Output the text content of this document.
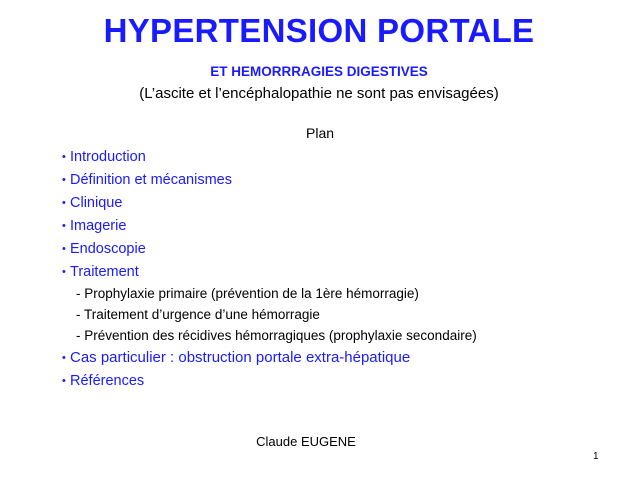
HYPERTENSION PORTALE
ET HEMORRRAGIES DIGESTIVES
(L’ascite et l’encéphalopathie ne sont pas envisagées)
Plan
• Introduction
• Définition et mécanismes
• Clinique
• Imagerie
• Endoscopie
• Traitement
- Prophylaxie primaire (prévention de la 1ère hémorragie)
- Traitement d’urgence d’une hémorragie
- Prévention des récidives hémorragiques (prophylaxie secondaire)
• Cas particulier : obstruction portale extra-hépatique
• Références
Claude EUGENE
1
